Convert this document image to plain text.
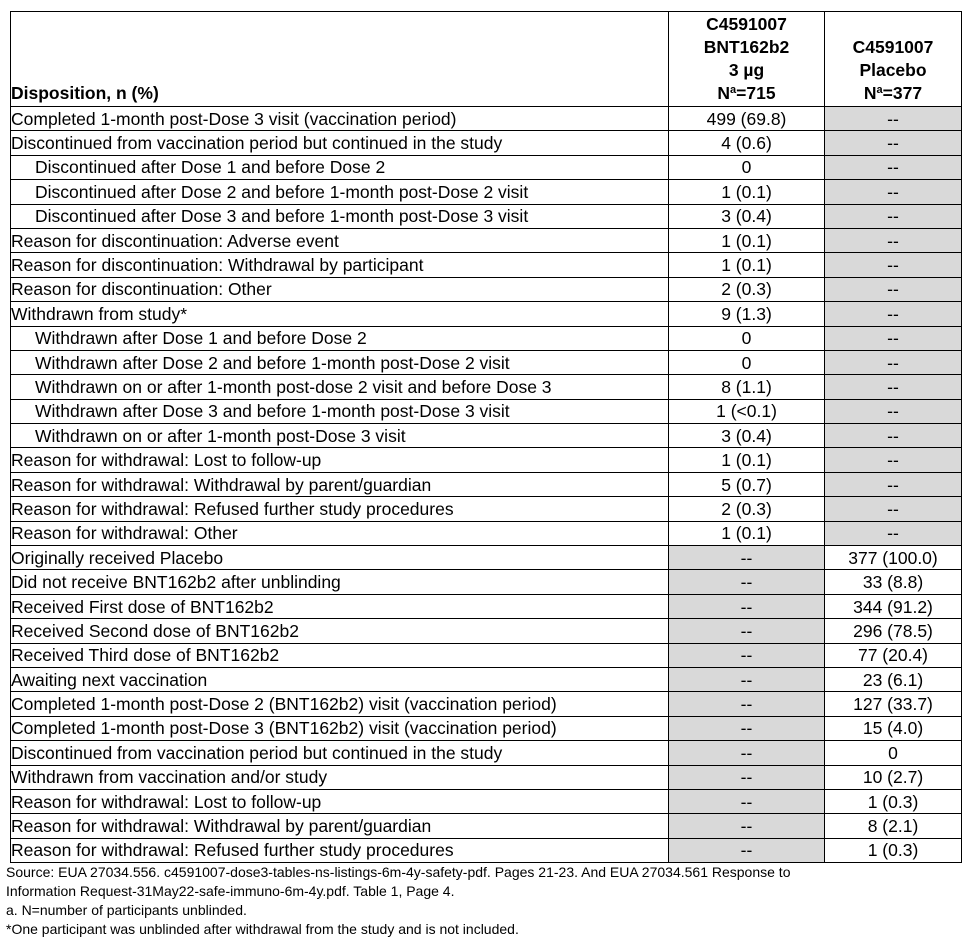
Disposition, n (%)	C4591007
BNT162b2
3 µg
$N^a=715$	C4591007
Placebo
$N^a=377$
Completed 1-month post-Dose 3 visit (vaccination period)	499 (69.8)	--
Discontinued from vaccination period but continued in the study	4 (0.6)	--
Discontinued after Dose 1 and before Dose 2	0	--
Discontinued after Dose 2 and before 1-month post-Dose 2 visit	1 (0.1)	--
Discontinued after Dose 3 and before 1-month post-Dose 3 visit	3 (0.4)	--
Reason for discontinuation: Adverse event	1 (0.1)	--
Reason for discontinuation: Withdrawal by participant	1 (0.1)	--
Reason for discontinuation: Other	2 (0.3)	--
Withdrawn from study*	9 (1.3)	--
Withdrawn after Dose 1 and before Dose 2	0	--
Withdrawn after Dose 2 and before 1-month post-Dose 2 visit	0	--
Withdrawn on or after 1-month post-dose 2 visit and before Dose 3	8 (1.1)	--
Withdrawn after Dose 3 and before 1-month post-Dose 3 visit	1 (<0.1)	--
Withdrawn on or after 1-month post-Dose 3 visit	3 (0.4)	--
Reason for withdrawal: Lost to follow-up	1 (0.1)	--
Reason for withdrawal: Withdrawal by parent/guardian	5 (0.7)	--
Reason for withdrawal: Refused further study procedures	2 (0.3)	--
Reason for withdrawal: Other	1 (0.1)	--
Originally received Placebo	--	377 (100.0)
Did not receive BNT162b2 after unblinding	--	33 (8.8)
Received First dose of BNT162b2	--	344 (91.2)
Received Second dose of BNT162b2	--	296 (78.5)
Received Third dose of BNT162b2	--	77 (20.4)
Awaiting next vaccination	--	23 (6.1)
Completed 1-month post-Dose 2 (BNT162b2) visit (vaccination period)	--	127 (33.7)
Completed 1-month post-Dose 3 (BNT162b2) visit (vaccination period)	--	15 (4.0)
Discontinued from vaccination period but continued in the study	--	0
Withdrawn from vaccination and/or study	--	10 (2.7)
Reason for withdrawal: Lost to follow-up	--	1 (0.3)
Reason for withdrawal: Withdrawal by parent/guardian	--	8 (2.1)
Reason for withdrawal: Refused further study procedures	--	1 (0.3)
Source: EUA 27034.556. c4591007-dose3-tables-ns-listings-6m-4y-safety-pdf. Pages 21-23. And EUA 27034.561 Response to
Information Request-31May22-safe-immuno-6m-4y.pdf. Table 1, Page 4.
a. N=number of participants unblinded.
*One participant was unblinded after withdrawal from the study and is not included.
